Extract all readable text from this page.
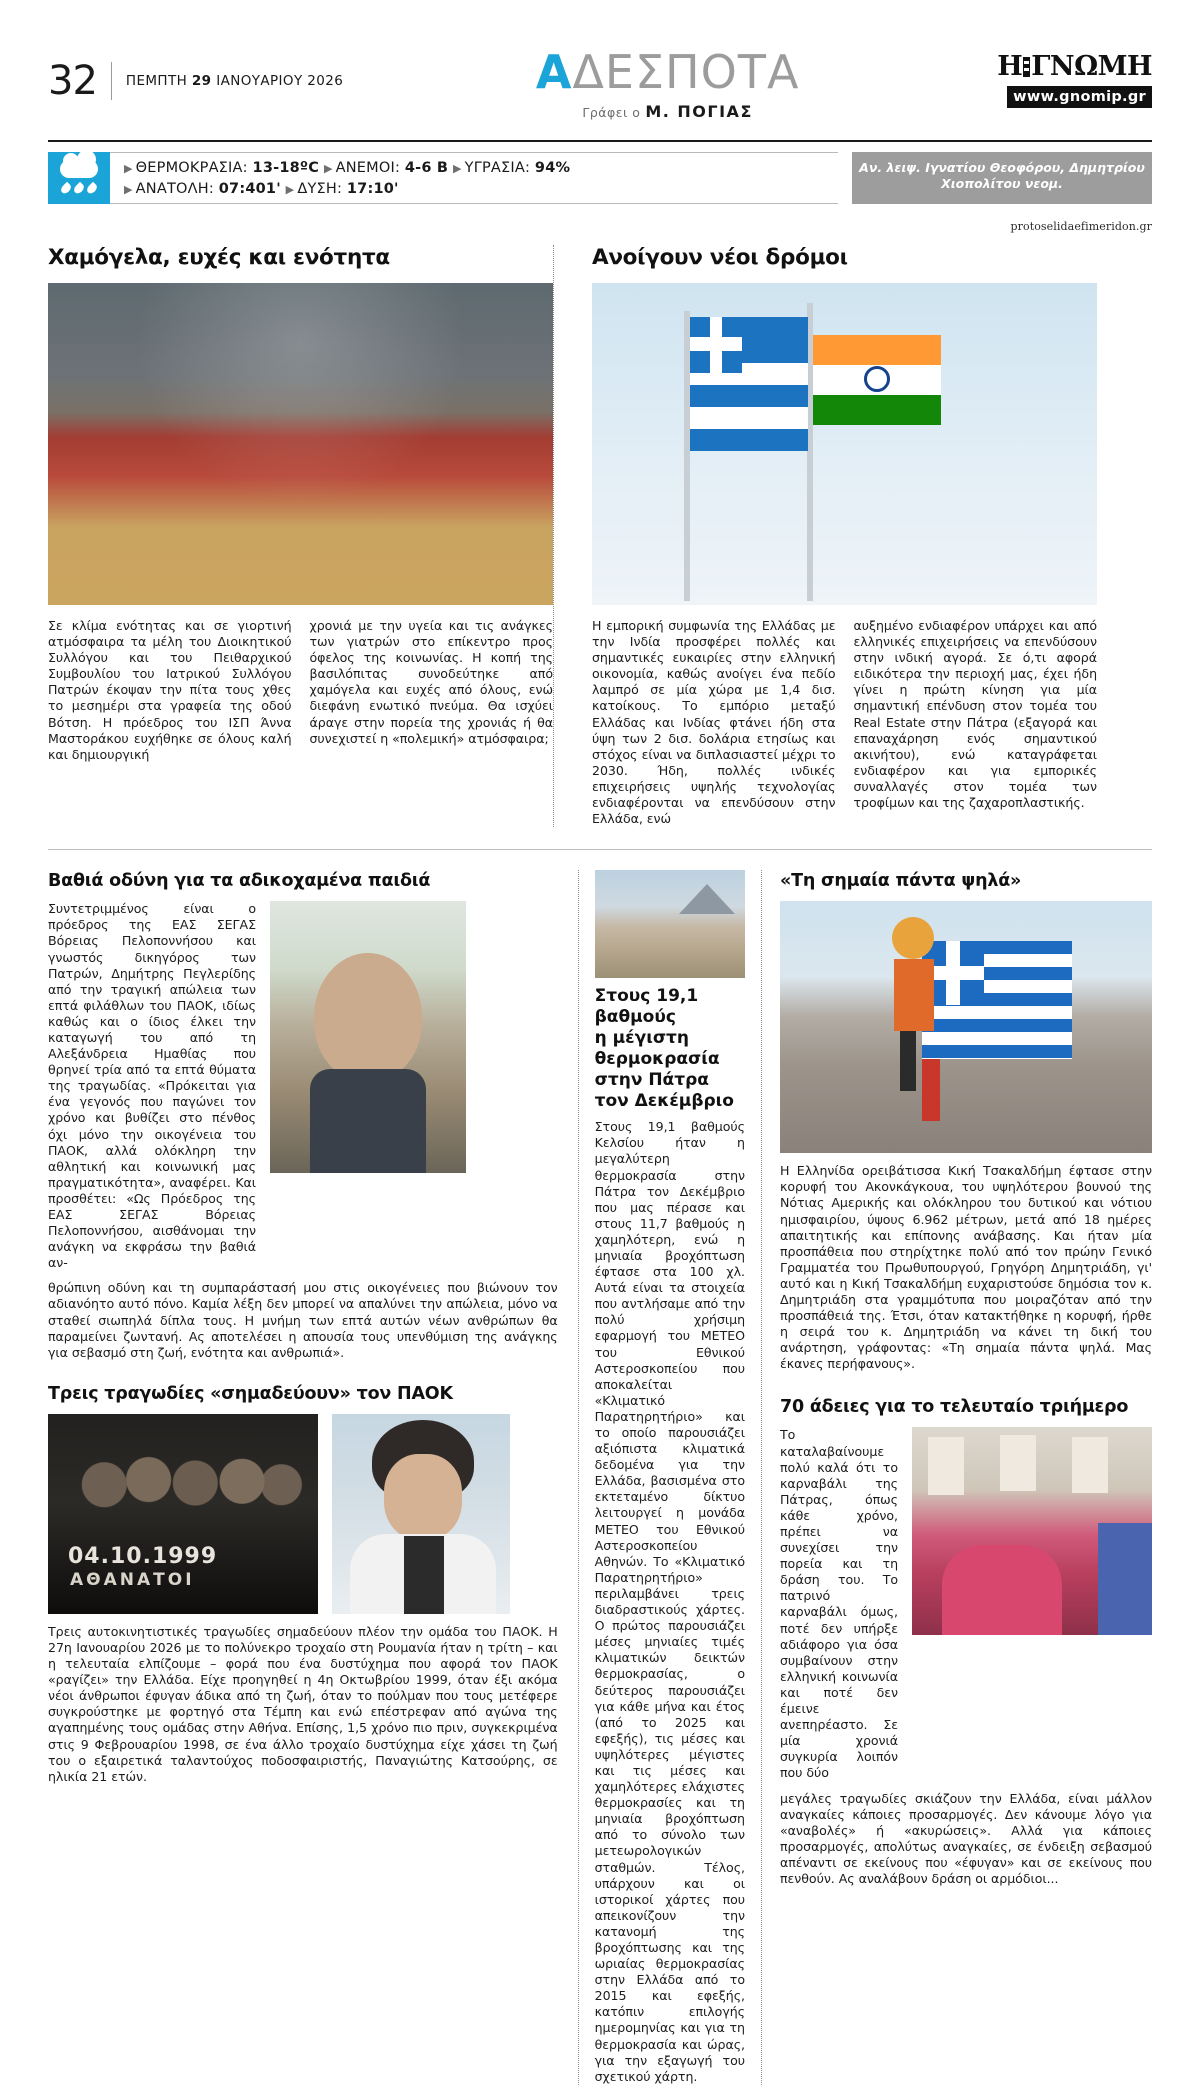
32	ΠΕΜΠΤΗ 29 ΙΑΝΟΥΑΡΙΟΥ 2026	ΑΔΕΣΠΟΤΑ
Γράφει ο Μ. ΠΟΓΙΑΣ
Η ΓΝΩΜΗ
www.gnomip.gr
▶ ΘΕΡΜΟΚΡΑΣΙΑ: 13-18ºC ▶ ΑΝΕΜΟΙ: 4-6 Β ▶ ΥΓΡΑΣΙΑ: 94%
▶ ΑΝΑΤΟΛΗ: 07:401' ▶ ΔΥΣΗ: 17:10'
Αν. λειψ. Ιγνατίου Θεοφόρου, Δημητρίου Χιοπολίτου νεομ.
protoselidaefimeridon.gr
Χαμόγελα, ευχές και ενότητα

Σε κλίμα ενότητας και σε γιορτινή ατμόσφαιρα τα μέλη του Διοικητικού Συλλόγου και του Πειθαρχικού Συμβουλίου του Ιατρικού Συλλόγου Πατρών έκοψαν την πίτα τους χθες το μεσημέρι στα γραφεία της οδού Βότση. Η πρόεδρος του ΙΣΠ Άννα Μαστοράκου ευχήθηκε σε όλους καλή και δημιουργική

χρονιά με την υγεία και τις ανάγκες των γιατρών στο επίκεντρο προς όφελος της κοινωνίας. Η κοπή της βασιλόπιτας συνοδεύτηκε από χαμόγελα και ευχές από όλους, ενώ διεφάνη ενωτικό πνεύμα. Θα ισχύει άραγε στην πορεία της χρονιάς ή θα συνεχιστεί η «πολεμική» ατμόσφαιρα;

Ανοίγουν νέοι δρόμοι

Η εμπορική συμφωνία της Ελλάδας με την Ινδία προσφέρει πολλές και σημαντικές ευκαιρίες στην ελληνική οικονομία, καθώς ανοίγει ένα πεδίο λαμπρό σε μία χώρα με 1,4 δισ. κατοίκους. Το εμπόριο μεταξύ Ελλάδας και Ινδίας φτάνει ήδη στα ύψη των 2 δισ. δολάρια ετησίως και στόχος είναι να διπλασιαστεί μέχρι το 2030. Ήδη, πολλές ινδικές επιχειρήσεις υψηλής τεχνολογίας ενδιαφέρονται να επενδύσουν στην Ελλάδα, ενώ

αυξημένο ενδιαφέρον υπάρχει και από ελληνικές επιχειρήσεις να επενδύσουν στην ινδική αγορά. Σε ό,τι αφορά ειδικότερα την περιοχή μας, έχει ήδη γίνει η πρώτη κίνηση για μία σημαντική επένδυση στον τομέα του Real Estate στην Πάτρα (εξαγορά και επαναχάρηση ενός σημαντικού ακινήτου), ενώ καταγράφεται ενδιαφέρον και για εμπορικές συναλλαγές στον τομέα των τροφίμων και της ζαχαροπλαστικής.

Βαθιά οδύνη για τα αδικοχαμένα παιδιά

Συντετριμμένος είναι ο πρόεδρος της ΕΑΣ ΣΕΓΑΣ Βόρειας Πελοποννήσου και γνωστός δικηγόρος των Πατρών, Δημήτρης Πεγλερίδης από την τραγική απώλεια των επτά φιλάθλων του ΠΑΟΚ, ιδίως καθώς και ο ίδιος έλκει την καταγωγή του από τη Αλεξάνδρεια Ημαθίας που θρηνεί τρία από τα επτά θύματα της τραγωδίας. «Πρόκειται για ένα γεγονός που παγώνει τον χρόνο και βυθίζει στο πένθος όχι μόνο την οικογένεια του ΠΑΟΚ, αλλά ολόκληρη την αθλητική και κοινωνική μας πραγματικότητα», αναφέρει. Και προσθέτει: «Ως Πρόεδρος της ΕΑΣ ΣΕΓΑΣ Βόρειας Πελοποννήσου, αισθάνομαι την ανάγκη να εκφράσω την βαθιά αν-

θρώπινη οδύνη και τη συμπαράστασή μου στις οικογένειες που βιώνουν τον αδιανόητο αυτό πόνο. Καμία λέξη δεν μπορεί να απαλύνει την απώλεια, μόνο να σταθεί σιωπηλά δίπλα τους. Η μνήμη των επτά αυτών νέων ανθρώπων θα παραμείνει ζωντανή. Ας αποτελέσει η απουσία τους υπενθύμιση της ανάγκης για σεβασμό στη ζωή, ενότητα και ανθρωπιά».

Τρεις τραγωδίες «σημαδεύουν» τον ΠΑΟΚ
04.10.1999
ΑΘΑΝΑΤΟΙ

Τρεις αυτοκινητιστικές τραγωδίες σημαδεύουν πλέον την ομάδα του ΠΑΟΚ. Η 27η Ιανουαρίου 2026 με το πολύνεκρο τροχαίο στη Ρουμανία ήταν η τρίτη – και η τελευταία ελπίζουμε – φορά που ένα δυστύχημα που αφορά τον ΠΑΟΚ «ραγίζει» την Ελλάδα. Είχε προηγηθεί η 4η Οκτωβρίου 1999, όταν έξι ακόμα νέοι άνθρωποι έφυγαν άδικα από τη ζωή, όταν το πούλμαν που τους μετέφερε συγκρούστηκε με φορτηγό στα Τέμπη και ενώ επέστρεφαν από αγώνα της αγαπημένης τους ομάδας στην Αθήνα. Επίσης, 1,5 χρόνο πιο πριν, συγκεκριμένα στις 9 Φεβρουαρίου 1998, σε ένα άλλο τροχαίο δυστύχημα είχε χάσει τη ζωή του ο εξαιρετικά ταλαντούχος ποδοσφαιριστής, Παναγιώτης Κατσούρης, σε ηλικία 21 ετών.

Στους 19,1 βαθμούς
η μέγιστη θερμοκρασία
στην Πάτρα
τον Δεκέμβριο

Στους 19,1 βαθμούς Κελσίου ήταν η μεγαλύτερη θερμοκρασία στην Πάτρα τον Δεκέμβριο που μας πέρασε και στους 11,7 βαθμούς η χαμηλότερη, ενώ η μηνιαία βροχόπτωση έφτασε στα 100 χλ. Αυτά είναι τα στοιχεία που αντλήσαμε από την πολύ χρήσιμη εφαρμογή του ΜΕΤΕΟ του Εθνικού Αστεροσκοπείου που αποκαλείται «Κλιματικό Παρατηρητήριο» και το οποίο παρουσιάζει αξιόπιστα κλιματικά δεδομένα για την Ελλάδα, βασισμένα στο εκτεταμένο δίκτυο λειτουργεί η μονάδα ΜΕΤΕΟ του Εθνικού Αστεροσκοπείου Αθηνών. Το «Κλιματικό Παρατηρητήριο» περιλαμβάνει τρεις διαδραστικούς χάρτες. Ο πρώτος παρουσιάζει μέσες μηνιαίες τιμές κλιματικών δεικτών θερμοκρασίας, ο δεύτερος παρουσιάζει για κάθε μήνα και έτος (από το 2025 και εφεξής), τις μέσες και υψηλότερες μέγιστες και τις μέσες και χαμηλότερες ελάχιστες θερμοκρασίες και τη μηνιαία βροχόπτωση από το σύνολο των μετεωρολογικών σταθμών. Τέλος, υπάρχουν και οι ιστορικοί χάρτες που απεικονίζουν την κατανομή της βροχόπτωσης και της ωριαίας θερμοκρασίας στην Ελλάδα από το 2015 και εφεξής, κατόπιν επιλογής ημερομηνίας και για τη θερμοκρασία και ώρας, για την εξαγωγή του σχετικού χάρτη.

«Τη σημαία πάντα ψηλά»

Η Ελληνίδα ορειβάτισσα Κική Τσακαλδήμη έφτασε στην κορυφή του Ακονκάγκουα, του υψηλότερου βουνού της Νότιας Αμερικής και ολόκληρου του δυτικού και νότιου ημισφαιρίου, ύψους 6.962 μέτρων, μετά από 18 ημέρες απαιτητικής και επίπονης ανάβασης. Και ήταν μία προσπάθεια που στηρίχτηκε πολύ από τον πρώην Γενικό Γραμματέα του Πρωθυπουργού, Γρηγόρη Δημητριάδη, γι' αυτό και η Κική Τσακαλδήμη ευχαριστούσε δημόσια τον κ. Δημητριάδη στα γραμμότυπα που μοιραζόταν από την προσπάθειά της. Έτσι, όταν κατακτήθηκε η κορυφή, ήρθε η σειρά του κ. Δημητριάδη να κάνει τη δική του ανάρτηση, γράφοντας: «Τη σημαία πάντα ψηλά. Μας έκανες περήφανους».

70 άδειες για το τελευταίο τριήμερο

Το καταλαβαίνουμε πολύ καλά ότι το καρναβάλι της Πάτρας, όπως κάθε χρόνο, πρέπει να συνεχίσει την πορεία και τη δράση του. Το πατρινό καρναβάλι όμως, ποτέ δεν υπήρξε αδιάφορο για όσα συμβαίνουν στην ελληνική κοινωνία και ποτέ δεν έμεινε ανεπηρέαστο. Σε μία χρονιά συγκυρία λοιπόν που δύο

μεγάλες τραγωδίες σκιάζουν την Ελλάδα, είναι μάλλον αναγκαίες κάποιες προσαρμογές. Δεν κάνουμε λόγο για «αναβολές» ή «ακυρώσεις». Αλλά για κάποιες προσαρμογές, απολύτως αναγκαίες, σε ένδειξη σεβασμού απέναντι σε εκείνους που «έφυγαν» και σε εκείνους που πενθούν. Ας αναλάβουν δράση οι αρμόδιοι...
